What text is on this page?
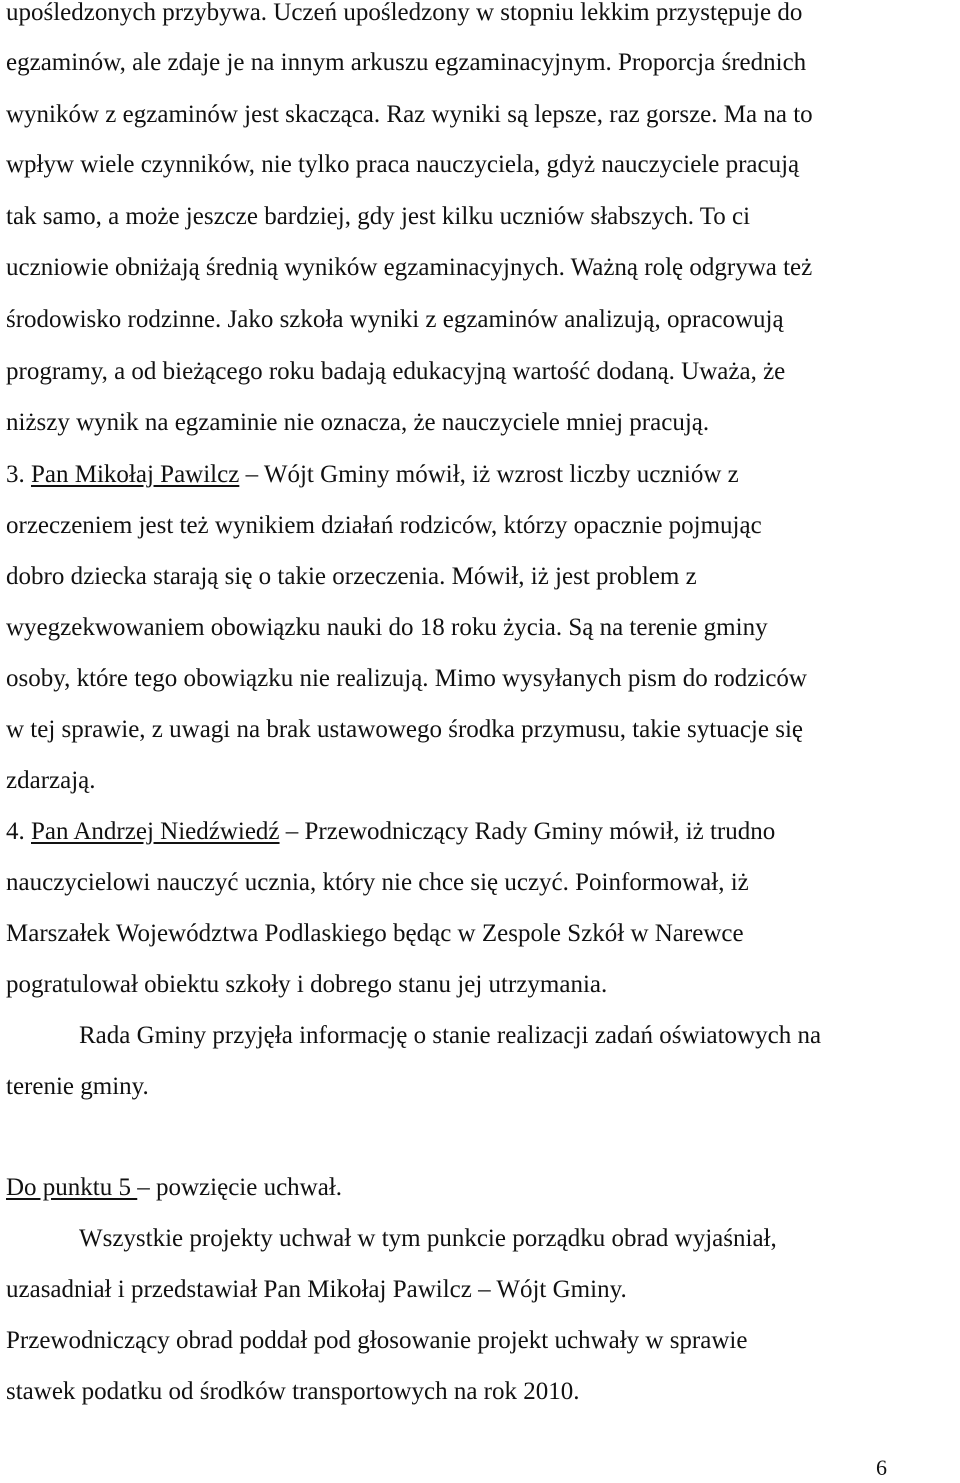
upośledzonych przybywa. Uczeń upośledzony w stopniu lekkim przystępuje do
egzaminów, ale zdaje je na innym arkuszu egzaminacyjnym. Proporcja średnich
wyników z egzaminów jest skacząca. Raz wyniki są lepsze, raz gorsze. Ma na to
wpływ wiele czynników, nie tylko praca nauczyciela, gdyż nauczyciele pracują
tak samo, a może jeszcze bardziej, gdy jest kilku uczniów słabszych. To ci
uczniowie obniżają średnią wyników egzaminacyjnych. Ważną rolę odgrywa też
środowisko rodzinne. Jako szkoła wyniki z egzaminów analizują, opracowują
programy, a od bieżącego roku badają edukacyjną wartość dodaną. Uważa, że
niższy wynik na egzaminie nie oznacza, że nauczyciele mniej pracują.
3. Pan Mikołaj Pawilcz – Wójt Gminy mówił, iż wzrost liczby uczniów z
orzeczeniem jest też wynikiem działań rodziców, którzy opacznie pojmując
dobro dziecka starają się o takie orzeczenia. Mówił, iż jest problem z
wyegzekwowaniem obowiązku nauki do 18 roku życia. Są na terenie gminy
osoby, które tego obowiązku nie realizują. Mimo wysyłanych pism do rodziców
w tej sprawie, z uwagi na brak ustawowego środka przymusu, takie sytuacje się
zdarzają.
4. Pan Andrzej Niedźwiedź – Przewodniczący Rady Gminy mówił, iż trudno
nauczycielowi nauczyć ucznia, który nie chce się uczyć. Poinformował, iż
Marszałek Województwa Podlaskiego będąc w Zespole Szkół w Narewce
pogratulował obiektu szkoły i dobrego stanu jej utrzymania.
Rada Gminy przyjęła informację o stanie realizacji zadań oświatowych na
terenie gminy.
Do punktu 5 – powzięcie uchwał.
Wszystkie projekty uchwał w tym punkcie porządku obrad wyjaśniał,
uzasadniał i przedstawiał Pan Mikołaj Pawilcz – Wójt Gminy.
Przewodniczący obrad poddał pod głosowanie projekt uchwały w sprawie
stawek podatku od środków transportowych na rok 2010.
6
